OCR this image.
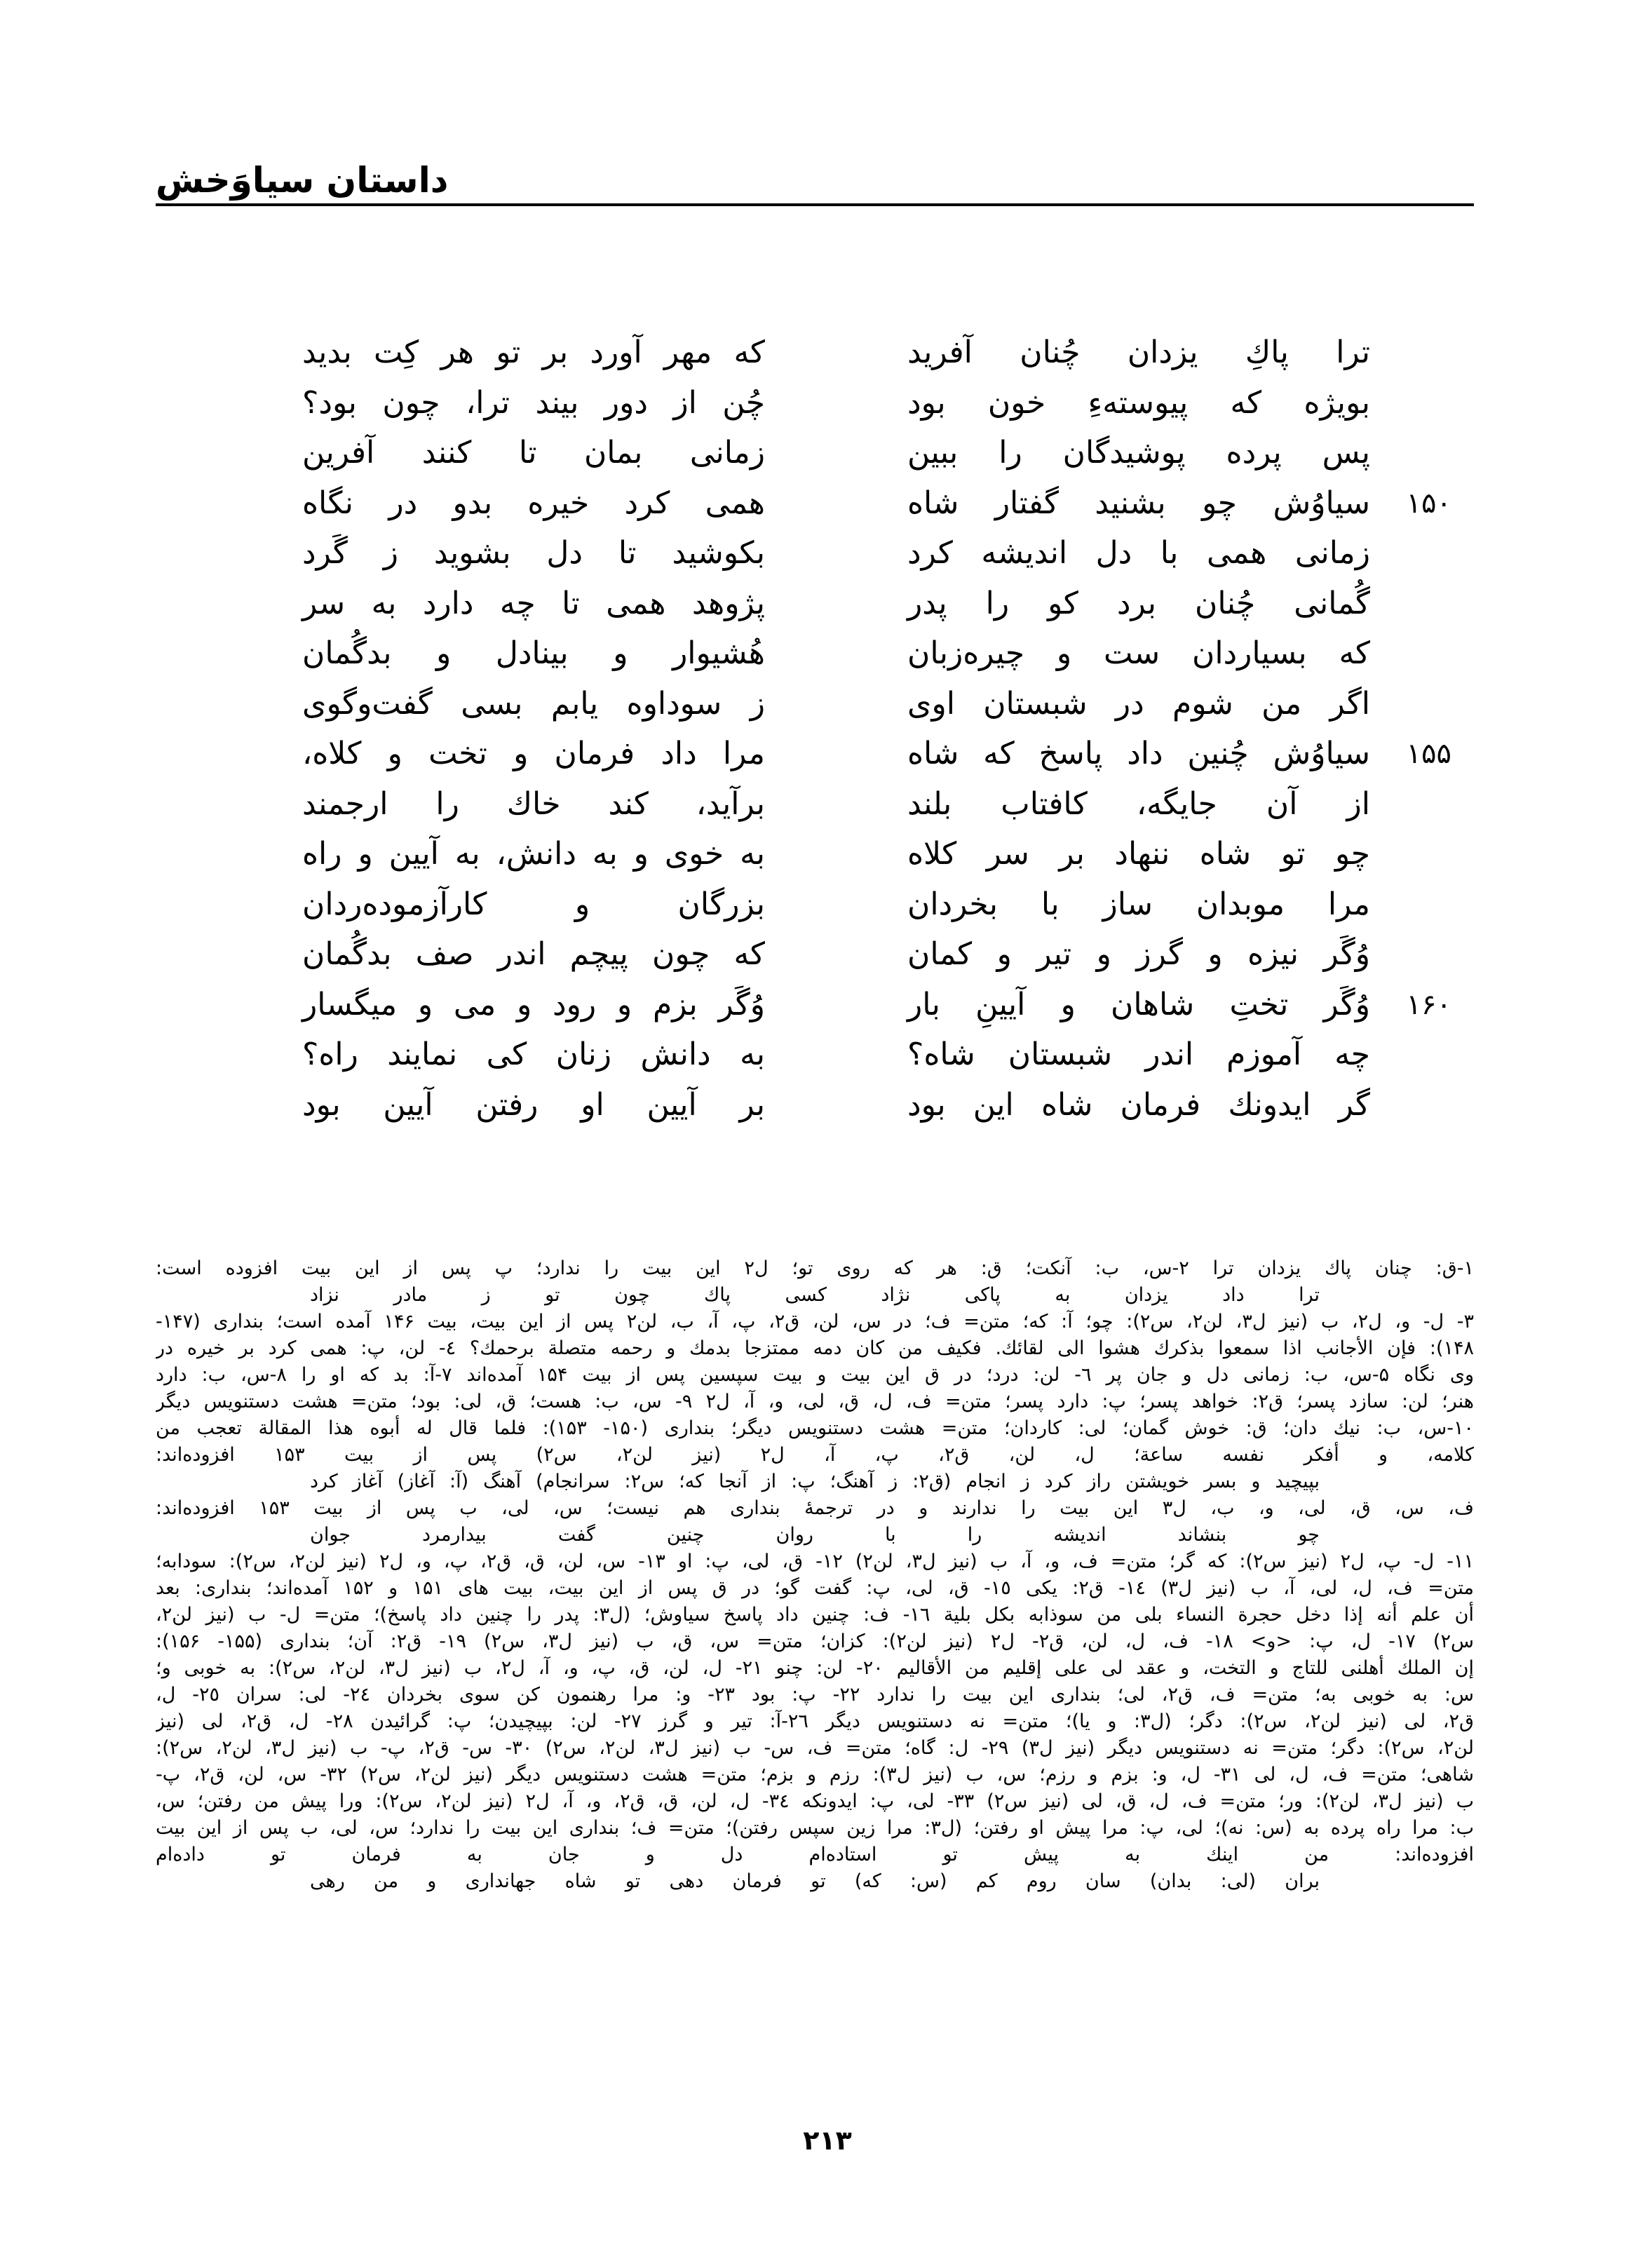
داستان سیاوَخش
ترا پاكِ یزدان چُنان آفرید
كه مهر آورد بر تو هر كِت بدید
بویژه كه پیوستهءِ خون بود
چُن از دور بیند ترا، چون بود؟
پس پرده پوشیدگان را ببین
زمانی بمان تا كنند آفرین
۱۵۰
سیاوُش چو بشنید گفتار شاه
همی كرد خیره بدو در نگاه
زمانی همی با دل اندیشه كرد
بكوشید تا دل بشوید ز گَرد
گُمانی چُنان برد كو را پدر
پژوهد همی تا چه دارد به سر
كه بسیاردان ست و چیره‌زبان
هُشیوار و بینادل و بدگُمان
اگر من شوم در شبستان اوی
ز سوداوه یابم بسی گفت‌وگوی
۱۵۵
سیاوُش چُنین داد پاسخ كه شاه
مرا داد فرمان و تخت و كلاه،
از آن جایگه، كافتاب بلند
برآید، كند خاك را ارجمند
چو تو شاه ننهاد بر سر كلاه
به خوی و به دانش، به آیین و راه
مرا موبدان ساز با بخردان
بزرگان و كارآزموده‌ردان
وُگَر نیزه و گرز و تیر و كمان
كه چون پیچم اندر صف بدگُمان
۱۶۰
وُگَر تختِ شاهان و آیینِ بار
وُگَر بزم و رود و می و میگسار
چه آموزم اندر شبستان شاه؟
به دانش زنان كی نمایند راه؟
گر ایدونك فرمان شاه این بود
بر آیین او رفتن آیین بود
۱-ق: چنان پاك یزدان ترا ۲-س، ب: آنكت؛ ق: هر كه روی تو؛ ل۲ این بیت را ندارد؛ پ پس از این بیت افزوده است:
ترا داد یزدان به پاكی نژاد كسی پاك چون تو ز مادر نزاد
۳- ل- و، ل۲، ب (نیز ل۳، لن۲، س۲): چو؛ آ: كه؛ متن= ف؛ در س، لن، ق۲، پ، آ، ب، لن۲ پس از این بیت، بیت ۱۴۶ آمده است؛ بنداری (۱۴۷-
۱۴۸): فإن الأجانب اذا سمعوا بذكرك هشوا الی لقائك. فكیف من كان دمه ممتزجا بدمك و رحمه متصلة برحمك؟ ٤- لن، پ: همی كرد بر خیره در
وی نگاه ۵-س، ب: زمانی دل و جان پر ٦- لن: درد؛ در ق این بیت و بیت سپسین پس از بیت ۱۵۴ آمده‌اند ۷-آ: بد كه او را ۸-س، ب: دارد
هنر؛ لن: سازد پسر؛ ق۲: خواهد پسر؛ پ: دارد پسر؛ متن= ف، ل، ق، لی، و، آ، ل۲ ۹- س، ب: هست؛ ق، لی: بود؛ متن= هشت دستنویس دیگر
۱۰-س، ب: نیك دان؛ ق: خوش گمان؛ لی: كاردان؛ متن= هشت دستنویس دیگر؛ بنداری (۱۵۰- ۱۵۳): فلما قال له أبوه هذا المقالة تعجب من
كلامه، و أفكر نفسه ساعة؛ ل، لن، ق۲، پ، آ، ل۲ (نیز لن۲، س۲) پس از بیت ۱۵۳ افزوده‌اند:
بپیچید و بسر خویشتن راز كرد ز انجام (ق۲: ز آهنگ؛ پ: از آنجا كه؛ س۲: سرانجام) آهنگ (آ: آغاز) آغاز كرد
ف، س، ق، لی، و، ب، ل۳ این بیت را ندارند و در ترجمهٔ بنداری هم نیست؛ س، لی، ب پس از بیت ۱۵۳ افزوده‌اند:
چو بنشاند اندیشه را با روان چنین گفت بیدارمرد جوان
۱۱- ل- پ، ل۲ (نیز س۲): كه گر؛ متن= ف، و، آ، ب (نیز ل۳، لن۲) ۱۲- ق، لی، پ: او ۱۳- س، لن، ق، ق۲، پ، و، ل۲ (نیز لن۲، س۲): سودابه؛
متن= ف، ل، لی، آ، ب (نیز ل۳) ١٤- ق۲: یكی ١٥- ق، لی، پ: گفت گو؛ در ق پس از این بیت، بیت های ۱۵۱ و ۱۵۲ آمده‌اند؛ بنداری: بعد
أن علم أنه إذا دخل حجرة النساء بلی من سوذابه بكل بلیة ١٦- ف: چنین داد پاسخ سیاوش؛ (ل۳: پدر را چنین داد پاسخ)؛ متن= ل- ب (نیز لن۲،
س۲) ١٧- ل، پ: <و> ١٨- ف، ل، لن، ق۲- ل۲ (نیز لن۲): كزان؛ متن= س، ق، ب (نیز ل۳، س۲) ١٩- ق۲: آن؛ بنداری (۱۵۵- ۱۵۶):
إن الملك أهلنی للتاج و التخت، و عقد لی علی إقلیم من الأقالیم ٢٠- لن: چنو ٢١- ل، لن، ق، پ، و، آ، ل۲، ب (نیز ل۳، لن۲، س۲): به خوبی و؛
س: به خوبی به؛ متن= ف، ق۲، لی؛ بنداری این بیت را ندارد ٢٢- پ: بود ٢٣- و: مرا رهنمون كن سوی بخردان ٢٤- لی: سران ٢٥- ل،
ق۲، لی (نیز لن۲، س۲): دگر؛ (ل۳: و یا)؛ متن= نه دستنویس دیگر ٢٦-آ: تیر و گرز ٢٧- لن: بپیچیدن؛ پ: گرائیدن ٢٨- ل، ق۲، لی (نیز
لن۲، س۲): دگر؛ متن= نه دستنویس دیگر (نیز ل۳) ٢٩- ل: گاه؛ متن= ف، س- ب (نیز ل۳، لن۲، س۲) ٣٠- س- ق۲، پ- ب (نیز ل۳، لن۲، س۲):
شاهی؛ متن= ف، ل، لی ٣١- ل، و: بزم و رزم؛ س، ب (نیز ل۳): رزم و بزم؛ متن= هشت دستنویس دیگر (نیز لن۲، س۲) ٣٢- س، لن، ق۲، پ-
ب (نیز ل۳، لن۲): ور؛ متن= ف، ل، ق، لی (نیز س۲) ٣٣- لی، پ: ایدونكه ٣٤- ل، لن، ق، ق۲، و، آ، ل۲ (نیز لن۲، س۲): ورا پیش من رفتن؛ س،
ب: مرا راه پرده به (س: نه)؛ لی، پ: مرا پیش او رفتن؛ (ل۳: مرا زین سپس رفتن)؛ متن= ف؛ بنداری این بیت را ندارد؛ س، لی، ب پس از این بیت
افزوده‌اند: من اینك به پیش تو استاده‌ام دل و جان به فرمان تو داده‌ام
بران (لی: بدان) سان روم كم (س: كه) تو فرمان دهی تو شاه جهانداری و من رهی
۲۱۳
